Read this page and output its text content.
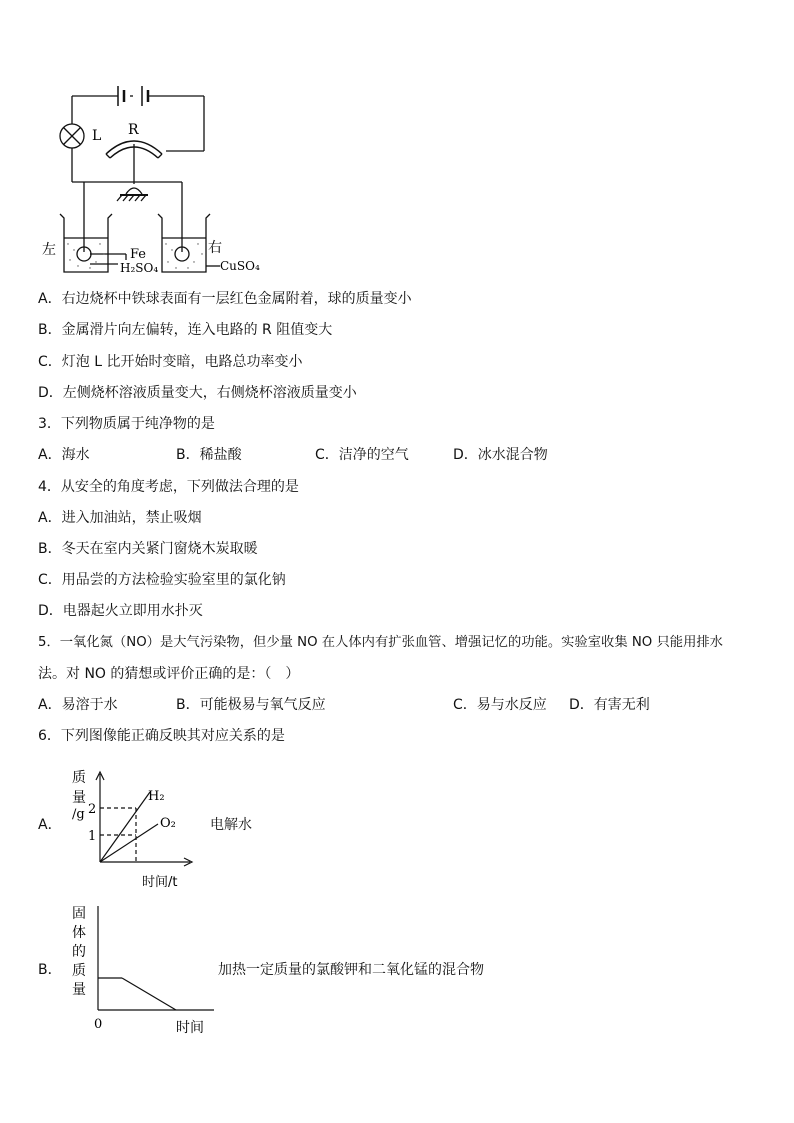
L R
左	右
Fe
H₂SO₄	CuSO₄
A．右边烧杯中铁球表面有一层红色金属附着，球的质量变小
B．金属滑片向左偏转，连入电路的 R 阻值变大
C．灯泡 L 比开始时变暗，电路总功率变小
D．左侧烧杯溶液质量变大，右侧烧杯溶液质量变小
3．下列物质属于纯净物的是
A．海水	B．稀盐酸	C．洁净的空气	D．冰水混合物
4．从安全的角度考虑，下列做法合理的是
A．进入加油站，禁止吸烟
B．冬天在室内关紧门窗烧木炭取暖
C．用品尝的方法检验实验室里的氯化钠
D．电器起火立即用水扑灭
5．一氧化氮（NO）是大气污染物，但少量 NO 在人体内有扩张血管、增强记忆的功能。实验室收集 NO 只能用排水
法。对 NO 的猜想或评价正确的是：（　）
A．易溶于水	B．可能极易与氧气反应	C．易与水反应 D．有害无利
6．下列图像能正确反映其对应关系的是
A．
质
量
/g 2
1
H₂
O₂
时间/t
电解水
B．
固
体
的
质
量
0	时间
加热一定质量的氯酸钾和二氧化锰的混合物
